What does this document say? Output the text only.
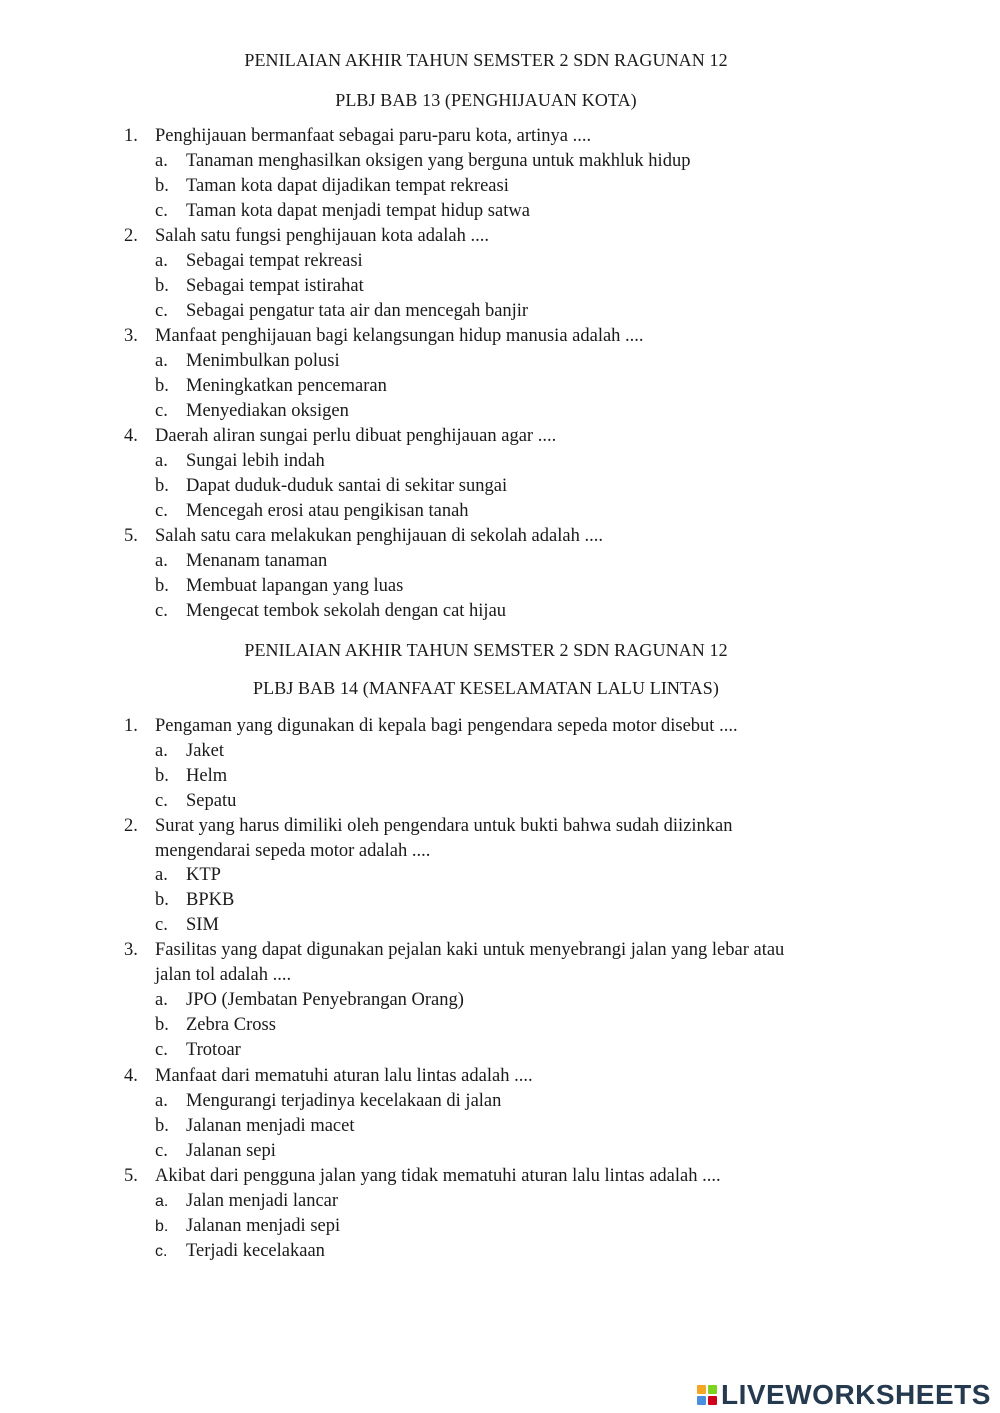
PENILAIAN AKHIR TAHUN SEMSTER 2 SDN RAGUNAN 12
PLBJ BAB 13 (PENGHIJAUAN KOTA)
1. Penghijauan bermanfaat sebagai paru-paru kota, artinya ....
a. Tanaman menghasilkan oksigen yang berguna untuk makhluk hidup
b. Taman kota dapat dijadikan tempat rekreasi
c. Taman kota dapat menjadi tempat hidup satwa
2. Salah satu fungsi penghijauan kota adalah ....
a. Sebagai tempat rekreasi
b. Sebagai tempat istirahat
c. Sebagai pengatur tata air dan mencegah banjir
3. Manfaat penghijauan bagi kelangsungan hidup manusia adalah ....
a. Menimbulkan polusi
b. Meningkatkan pencemaran
c. Menyediakan oksigen
4. Daerah aliran sungai perlu dibuat penghijauan agar ....
a. Sungai lebih indah
b. Dapat duduk-duduk santai di sekitar sungai
c. Mencegah erosi atau pengikisan tanah
5. Salah satu cara melakukan penghijauan di sekolah adalah ....
a. Menanam tanaman
b. Membuat lapangan yang luas
c. Mengecat tembok sekolah dengan cat hijau
PENILAIAN AKHIR TAHUN SEMSTER 2 SDN RAGUNAN 12
PLBJ BAB 14 (MANFAAT KESELAMATAN LALU LINTAS)
1. Pengaman yang digunakan di kepala bagi pengendara sepeda motor disebut ....
a. Jaket
b. Helm
c. Sepatu
2. Surat yang harus dimiliki oleh pengendara untuk bukti bahwa sudah diizinkan
mengendarai sepeda motor adalah ....
a. KTP
b. BPKB
c. SIM
3. Fasilitas yang dapat digunakan pejalan kaki untuk menyebrangi jalan yang lebar atau
jalan tol adalah ....
a. JPO (Jembatan Penyebrangan Orang)
b. Zebra Cross
c. Trotoar
4. Manfaat dari mematuhi aturan lalu lintas adalah ....
a. Mengurangi terjadinya kecelakaan di jalan
b. Jalanan menjadi macet
c. Jalanan sepi
5. Akibat dari pengguna jalan yang tidak mematuhi aturan lalu lintas adalah ....
a. Jalan menjadi lancar
b. Jalanan menjadi sepi
c.	Terjadi kecelakaan
LIVEWORKSHEETS
